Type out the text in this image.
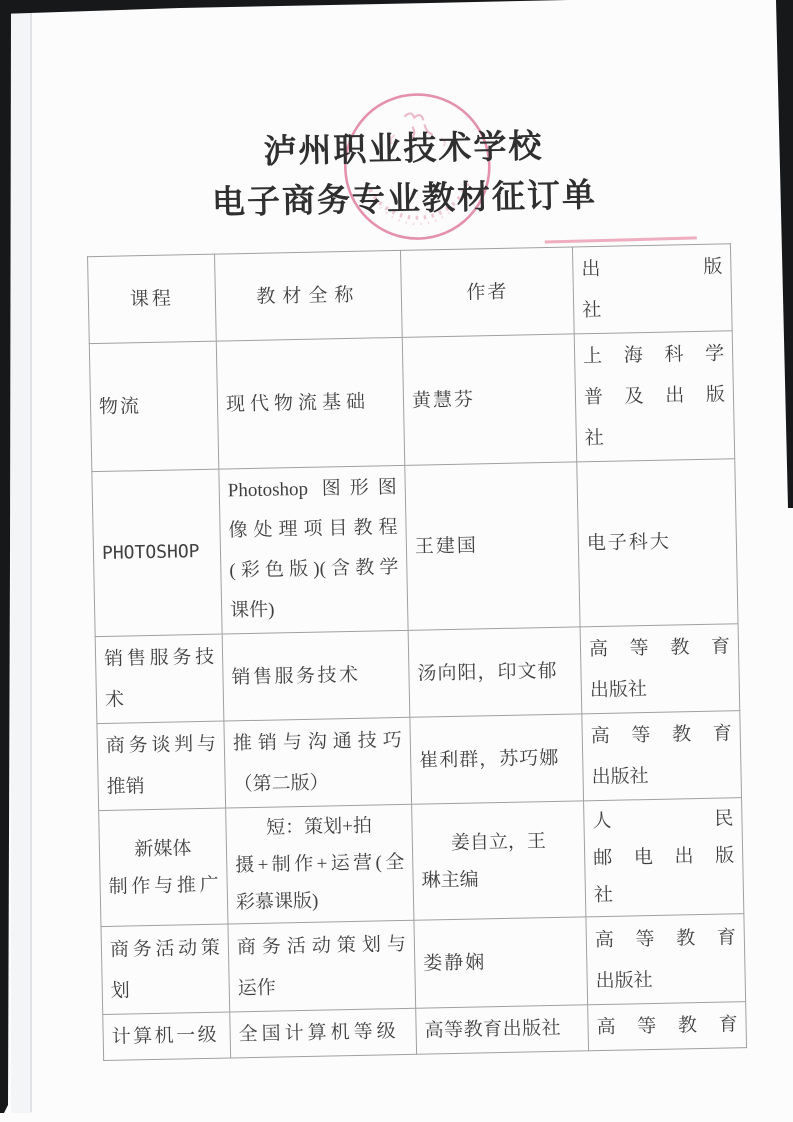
泸州职业技术学校
电子商务专业教材征订单
课程	教材全称	作者	出版
社

物流	现代物流基础	黄慧芬	上海科学
普及出版
社

PHOTOSHOP	Photoshop 图形图
像处理项目教程
(彩色版)(含教学
课件)	王建国	电子科大

销售服务技
术	销售服务技术	汤向阳，印文郁	高等教育
出版社

商务谈判与
推销	推销与沟通技巧
（第二版）	崔利群，苏巧娜	高等教育
出版社

新媒体
制作与推广	短：策划+拍
摄+制作+运营(全
彩慕课版)	姜自立，王
琳主编	人民
邮电出版
社

商务活动策
划	商务活动策划与
运作	娄静娴	高等教育
出版社

计算机一级	全国计算机等级	高等教育出版社	高等教育
